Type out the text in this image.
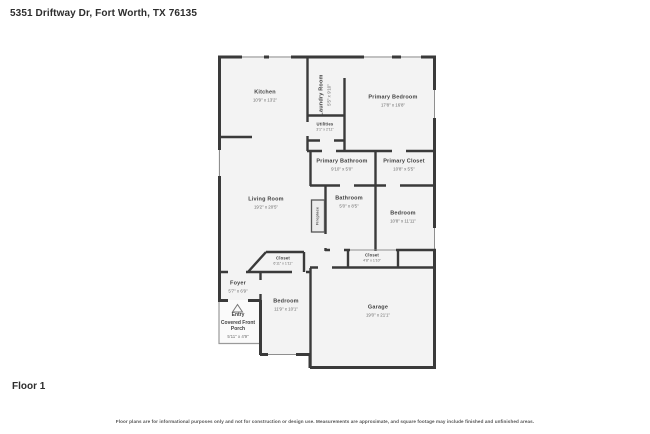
5351 Driftway Dr, Fort Worth, TX 76135
Kitchen
10'9" x 13'2"	Laundry Room 5'5" x 9'10"
Utilities
3'1" x 2'11"
Primary Bedroom
17'8" x 16'8"
Primary Bathroom
9'10" x 5'0"
Primary Closet
10'8" x 5'5"
Living Room
19'2" x 20'5"
Fireplace
Bathroom
5'0" x 8'5"
Bedroom
10'8" x 11'11"
Closet
6'11" x 1'11"
Closet
4'8" x 1'10"
Foyer
5'7" x 6'9"
Entry
Covered Front Porch
5'11" x 4'9"
Bedroom
11'9" x 10'1"	Garage
19'0" x 21'1"
Floor 1
Floor plans are for informational purposes only and not for construction or design use. Measurements are approximate, and square footage may include finished and unfinished areas.
